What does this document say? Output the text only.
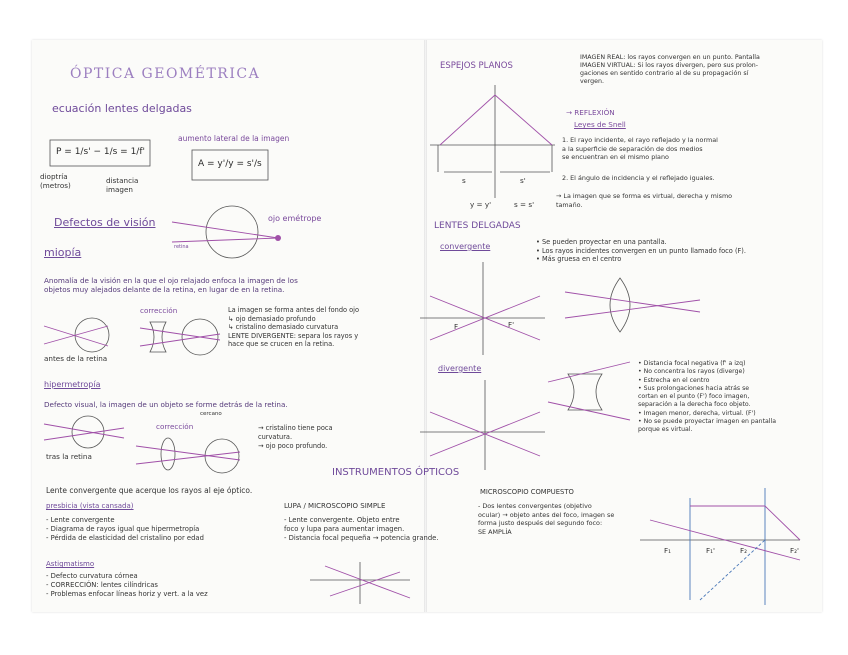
ÓPTICA GEOMÉTRICA
ecuación lentes delgadas
P = 1/s' − 1/s = 1/f'
dioptría
(metros)
distancia
imagen
aumento lateral de la imagen
A = y'/y = s'/s
Defectos de visión	ojo emétrope
retina
miopía
Anomalía de la visión en la que el ojo relajado enfoca la imagen de los
objetos muy alejados delante de la retina, en lugar de en la retina.
corrección
antes de la retina
La imagen se forma antes del fondo ojo
↳ ojo demasiado profundo
↳ cristalino demasiado curvatura
LENTE DIVERGENTE: separa los rayos y
hace que se crucen en la retina.
hipermetropía
Defecto visual, la imagen de un objeto se forme detrás de la retina.
cercano
corrección
tras la retina
→ cristalino tiene poca
curvatura.
→ ojo poco profundo.
Lente convergente que acerque los rayos al eje óptico.
presbicia (vista cansada)
- Lente convergente
- Diagrama de rayos igual que hipermetropía
- Pérdida de elasticidad del cristalino por edad
Astigmatismo
- Defecto curvatura córnea
- CORRECCIÓN: lentes cilíndricas
- Problemas enfocar líneas horiz y vert. a la vez
INSTRUMENTOS ÓPTICOS
LUPA / MICROSCOPIO SIMPLE
- Lente convergente. Objeto entre
foco y lupa para aumentar imagen.
- Distancia focal pequeña → potencia grande.
ESPEJOS PLANOS
s	s'
y = y'	s = s'
IMAGEN REAL: los rayos convergen en un punto. Pantalla
IMAGEN VIRTUAL: Si los rayos divergen, pero sus prolon-
gaciones en sentido contrario al de su propagación sí
vergen.
→ REFLEXIÓN
Leyes de Snell
1. El rayo incidente, el rayo reflejado y la normal
a la superficie de separación de dos medios
se encuentran en el mismo plano
2. El ángulo de incidencia y el reflejado iguales.
→ La imagen que se forma es virtual, derecha y mismo
tamaño.
LENTES DELGADAS
convergente	• Se pueden proyectar en una pantalla.
• Los rayos incidentes convergen en un punto llamado foco (F).
• Más gruesa en el centro
F	F'
divergente
• Distancia focal negativa (f' a izq)
• No concentra los rayos (diverge)
• Estrecha en el centro
• Sus prolongaciones hacia atrás se
cortan en el punto (F') foco imagen,
separación a la derecha foco objeto.
• Imagen menor, derecha, virtual. (F')
• No se puede proyectar imagen en pantalla
porque es virtual.
MICROSCOPIO COMPUESTO
- Dos lentes convergentes (objetivo
ocular) → objeto antes del foco, imagen se
forma justo después del segundo foco:
SE AMPLÍA
F₁	F₁'	F₂	F₂'
